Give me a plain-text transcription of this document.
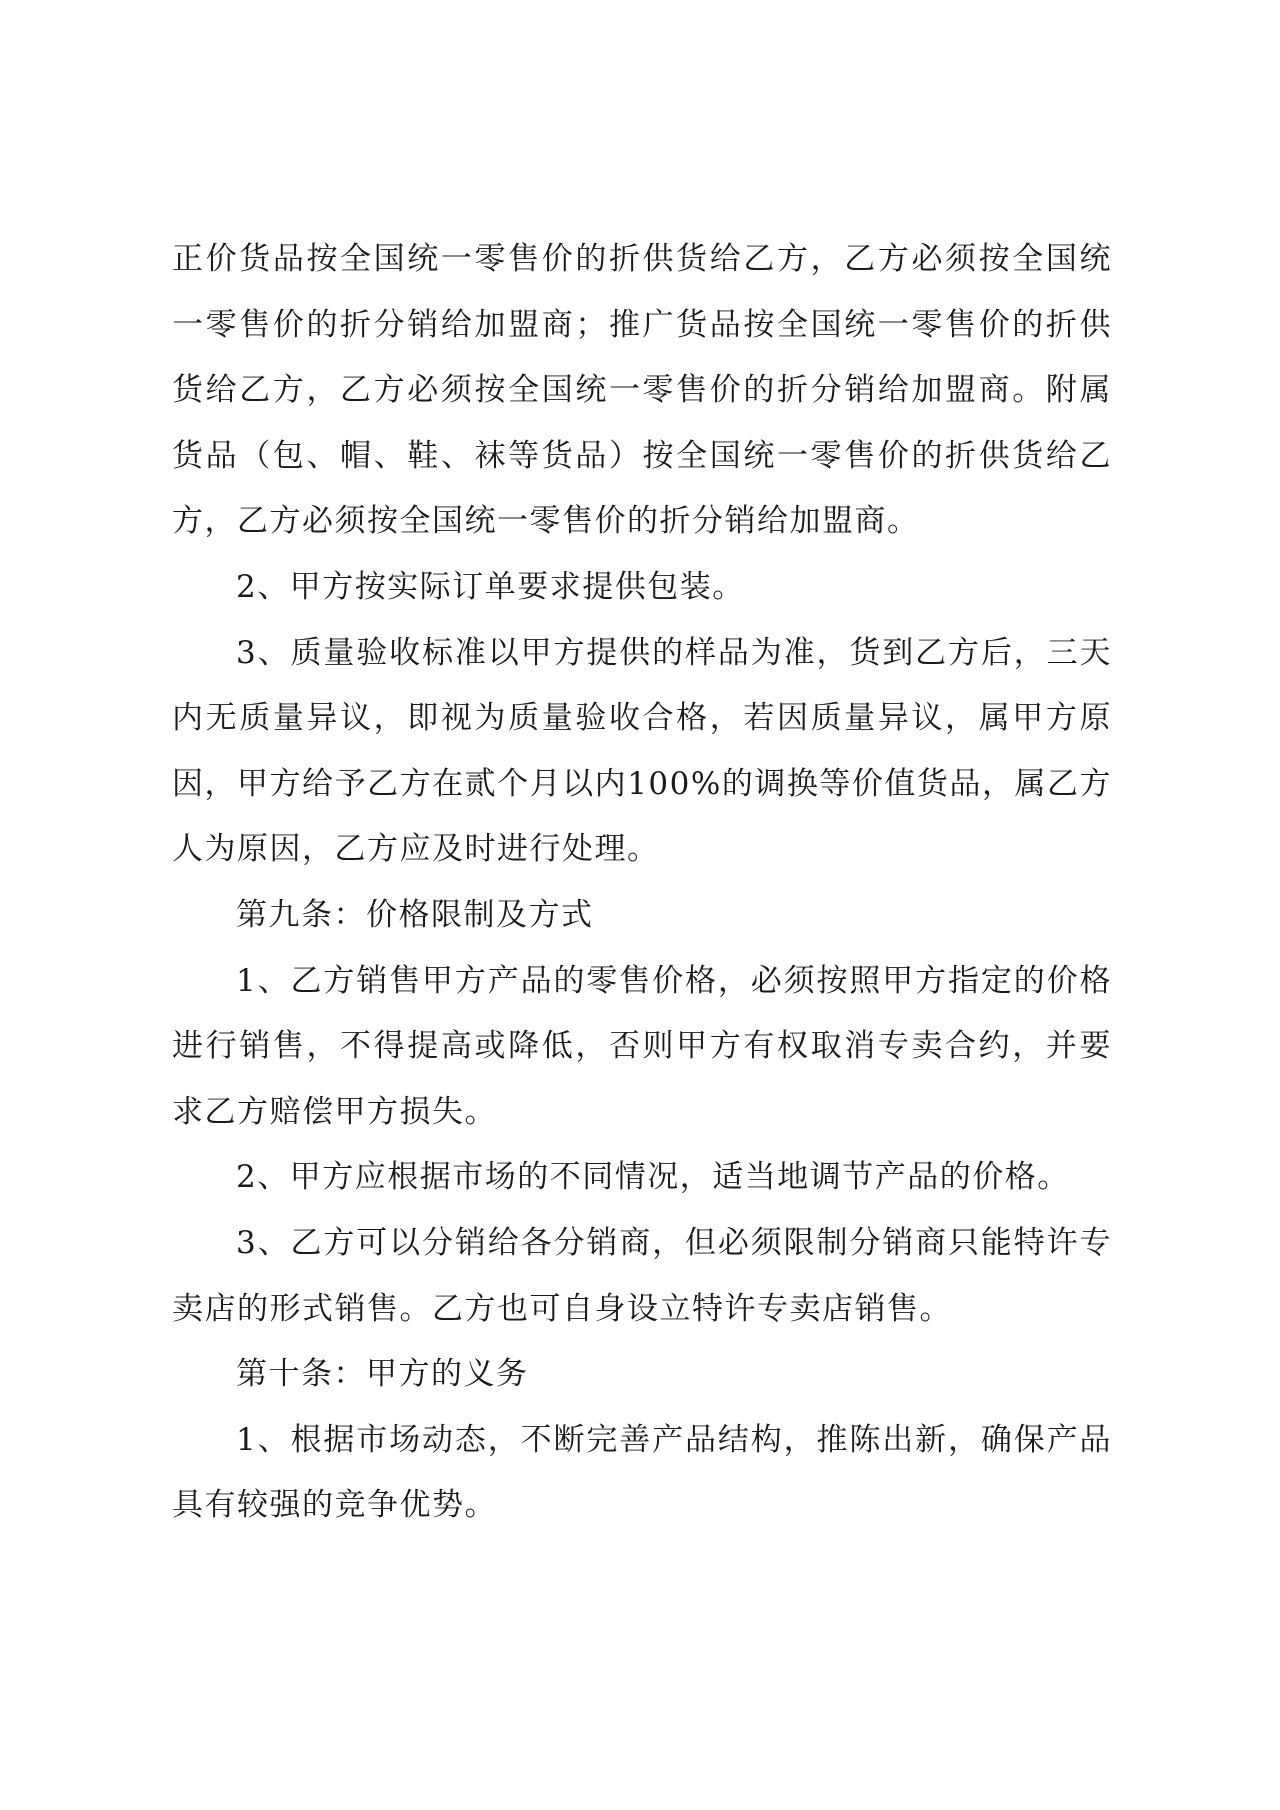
正价货品按全国统一零售价的折供货给乙方，乙方必须按全国统一零售价的折分销给加盟商；推广货品按全国统一零售价的折供货给乙方，乙方必须按全国统一零售价的折分销给加盟商。附属货品（包、帽、鞋、袜等货品）按全国统一零售价的折供货给乙方，乙方必须按全国统一零售价的折分销给加盟商。

2、甲方按实际订单要求提供包装。

3、质量验收标准以甲方提供的样品为准，货到乙方后，三天内无质量异议，即视为质量验收合格，若因质量异议，属甲方原因，甲方给予乙方在贰个月以内100%的调换等价值货品，属乙方人为原因，乙方应及时进行处理。

第九条：价格限制及方式

1、乙方销售甲方产品的零售价格，必须按照甲方指定的价格进行销售，不得提高或降低，否则甲方有权取消专卖合约，并要求乙方赔偿甲方损失。

2、甲方应根据市场的不同情况，适当地调节产品的价格。

3、乙方可以分销给各分销商，但必须限制分销商只能特许专卖店的形式销售。乙方也可自身设立特许专卖店销售。

第十条：甲方的义务

1、根据市场动态，不断完善产品结构，推陈出新，确保产品具有较强的竞争优势。
